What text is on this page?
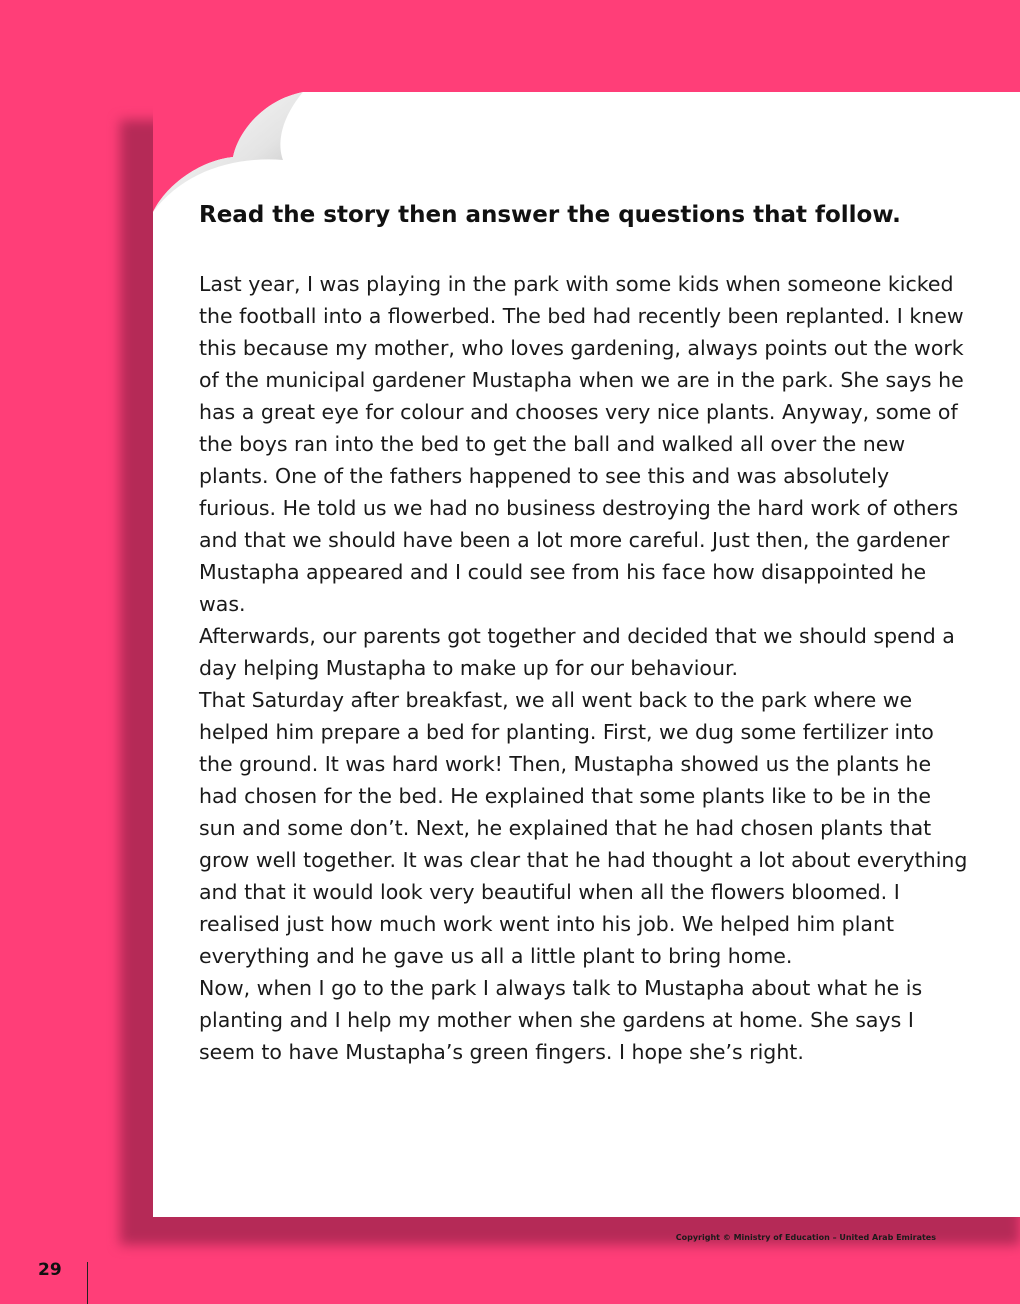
Read the story then answer the questions that follow.

Last year, I was playing in the park with some kids when someone kicked the football into a flowerbed. The bed had recently been replanted. I knew this because my mother, who loves gardening, always points out the work of the municipal gardener Mustapha when we are in the park. She says he has a great eye for colour and chooses very nice plants. Anyway, some of the boys ran into the bed to get the ball and walked all over the new plants. One of the fathers happened to see this and was absolutely furious. He told us we had no business destroying the hard work of others and that we should have been a lot more careful. Just then, the gardener Mustapha appeared and I could see from his face how disappointed he was.

Afterwards, our parents got together and decided that we should spend a day helping Mustapha to make up for our behaviour.

That Saturday after breakfast, we all went back to the park where we helped him prepare a bed for planting. First, we dug some fertilizer into the ground. It was hard work! Then, Mustapha showed us the plants he had chosen for the bed. He explained that some plants like to be in the sun and some don’t. Next, he explained that he had chosen plants that grow well together. It was clear that he had thought a lot about everything and that it would look very beautiful when all the flowers bloomed. I realised just how much work went into his job. We helped him plant everything and he gave us all a little plant to bring home.

Now, when I go to the park I always talk to Mustapha about what he is planting and I help my mother when she gardens at home. She says I seem to have Mustapha’s green fingers. I hope she’s right.

Copyright © Ministry of Education – United Arab Emirates
29
